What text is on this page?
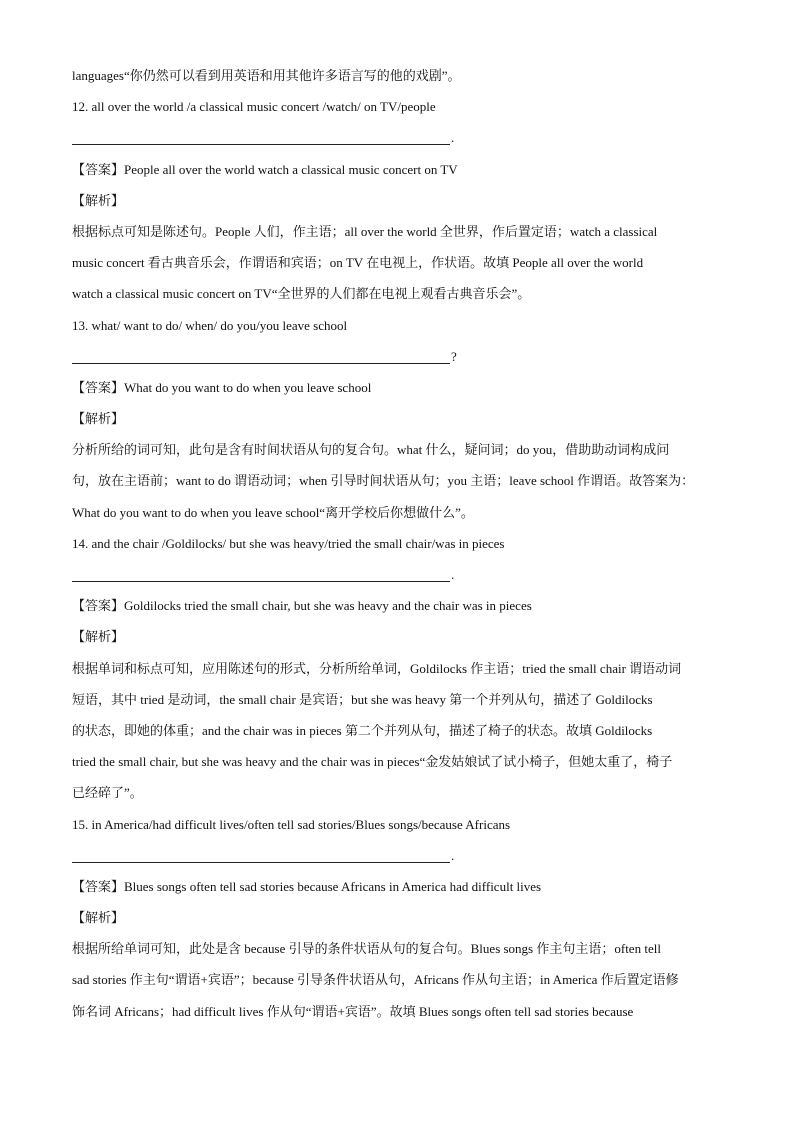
languages“你仍然可以看到用英语和用其他许多语言写的他的戏剧”。
12. all over the world /a classical music concert /watch/ on TV/people
.
【答案】People all over the world watch a classical music concert on TV
【解析】
根据标点可知是陈述句。People 人们，作主语；all over the world 全世界，作后置定语；watch a classical
music concert 看古典音乐会，作谓语和宾语；on TV 在电视上，作状语。故填 People all over the world
watch a classical music concert on TV“全世界的人们都在电视上观看古典音乐会”。
13. what/ want to do/ when/ do you/you leave school
?
【答案】What do you want to do when you leave school
【解析】
分析所给的词可知，此句是含有时间状语从句的复合句。what 什么，疑问词；do you，借助助动词构成问
句，放在主语前；want to do 谓语动词；when 引导时间状语从句；you 主语；leave school 作谓语。故答案为：
What do you want to do when you leave school“离开学校后你想做什么”。
14. and the chair /Goldilocks/ but she was heavy/tried the small chair/was in pieces
.
【答案】Goldilocks tried the small chair, but she was heavy and the chair was in pieces
【解析】
根据单词和标点可知，应用陈述句的形式，分析所给单词，Goldilocks 作主语；tried the small chair 谓语动词
短语，其中 tried 是动词，the small chair 是宾语；but she was heavy 第一个并列从句，描述了 Goldilocks
的状态，即她的体重；and the chair was in pieces 第二个并列从句，描述了椅子的状态。故填 Goldilocks
tried the small chair, but she was heavy and the chair was in pieces“金发姑娘试了试小椅子，但她太重了，椅子
已经碎了”。
15. in America/had difficult lives/often tell sad stories/Blues songs/because Africans
.
【答案】Blues songs often tell sad stories because Africans in America had difficult lives
【解析】
根据所给单词可知，此处是含 because 引导的条件状语从句的复合句。Blues songs 作主句主语；often tell
sad stories 作主句“谓语+宾语”；because 引导条件状语从句，Africans 作从句主语；in America 作后置定语修
饰名词 Africans；had difficult lives 作从句“谓语+宾语”。故填 Blues songs often tell sad stories because
